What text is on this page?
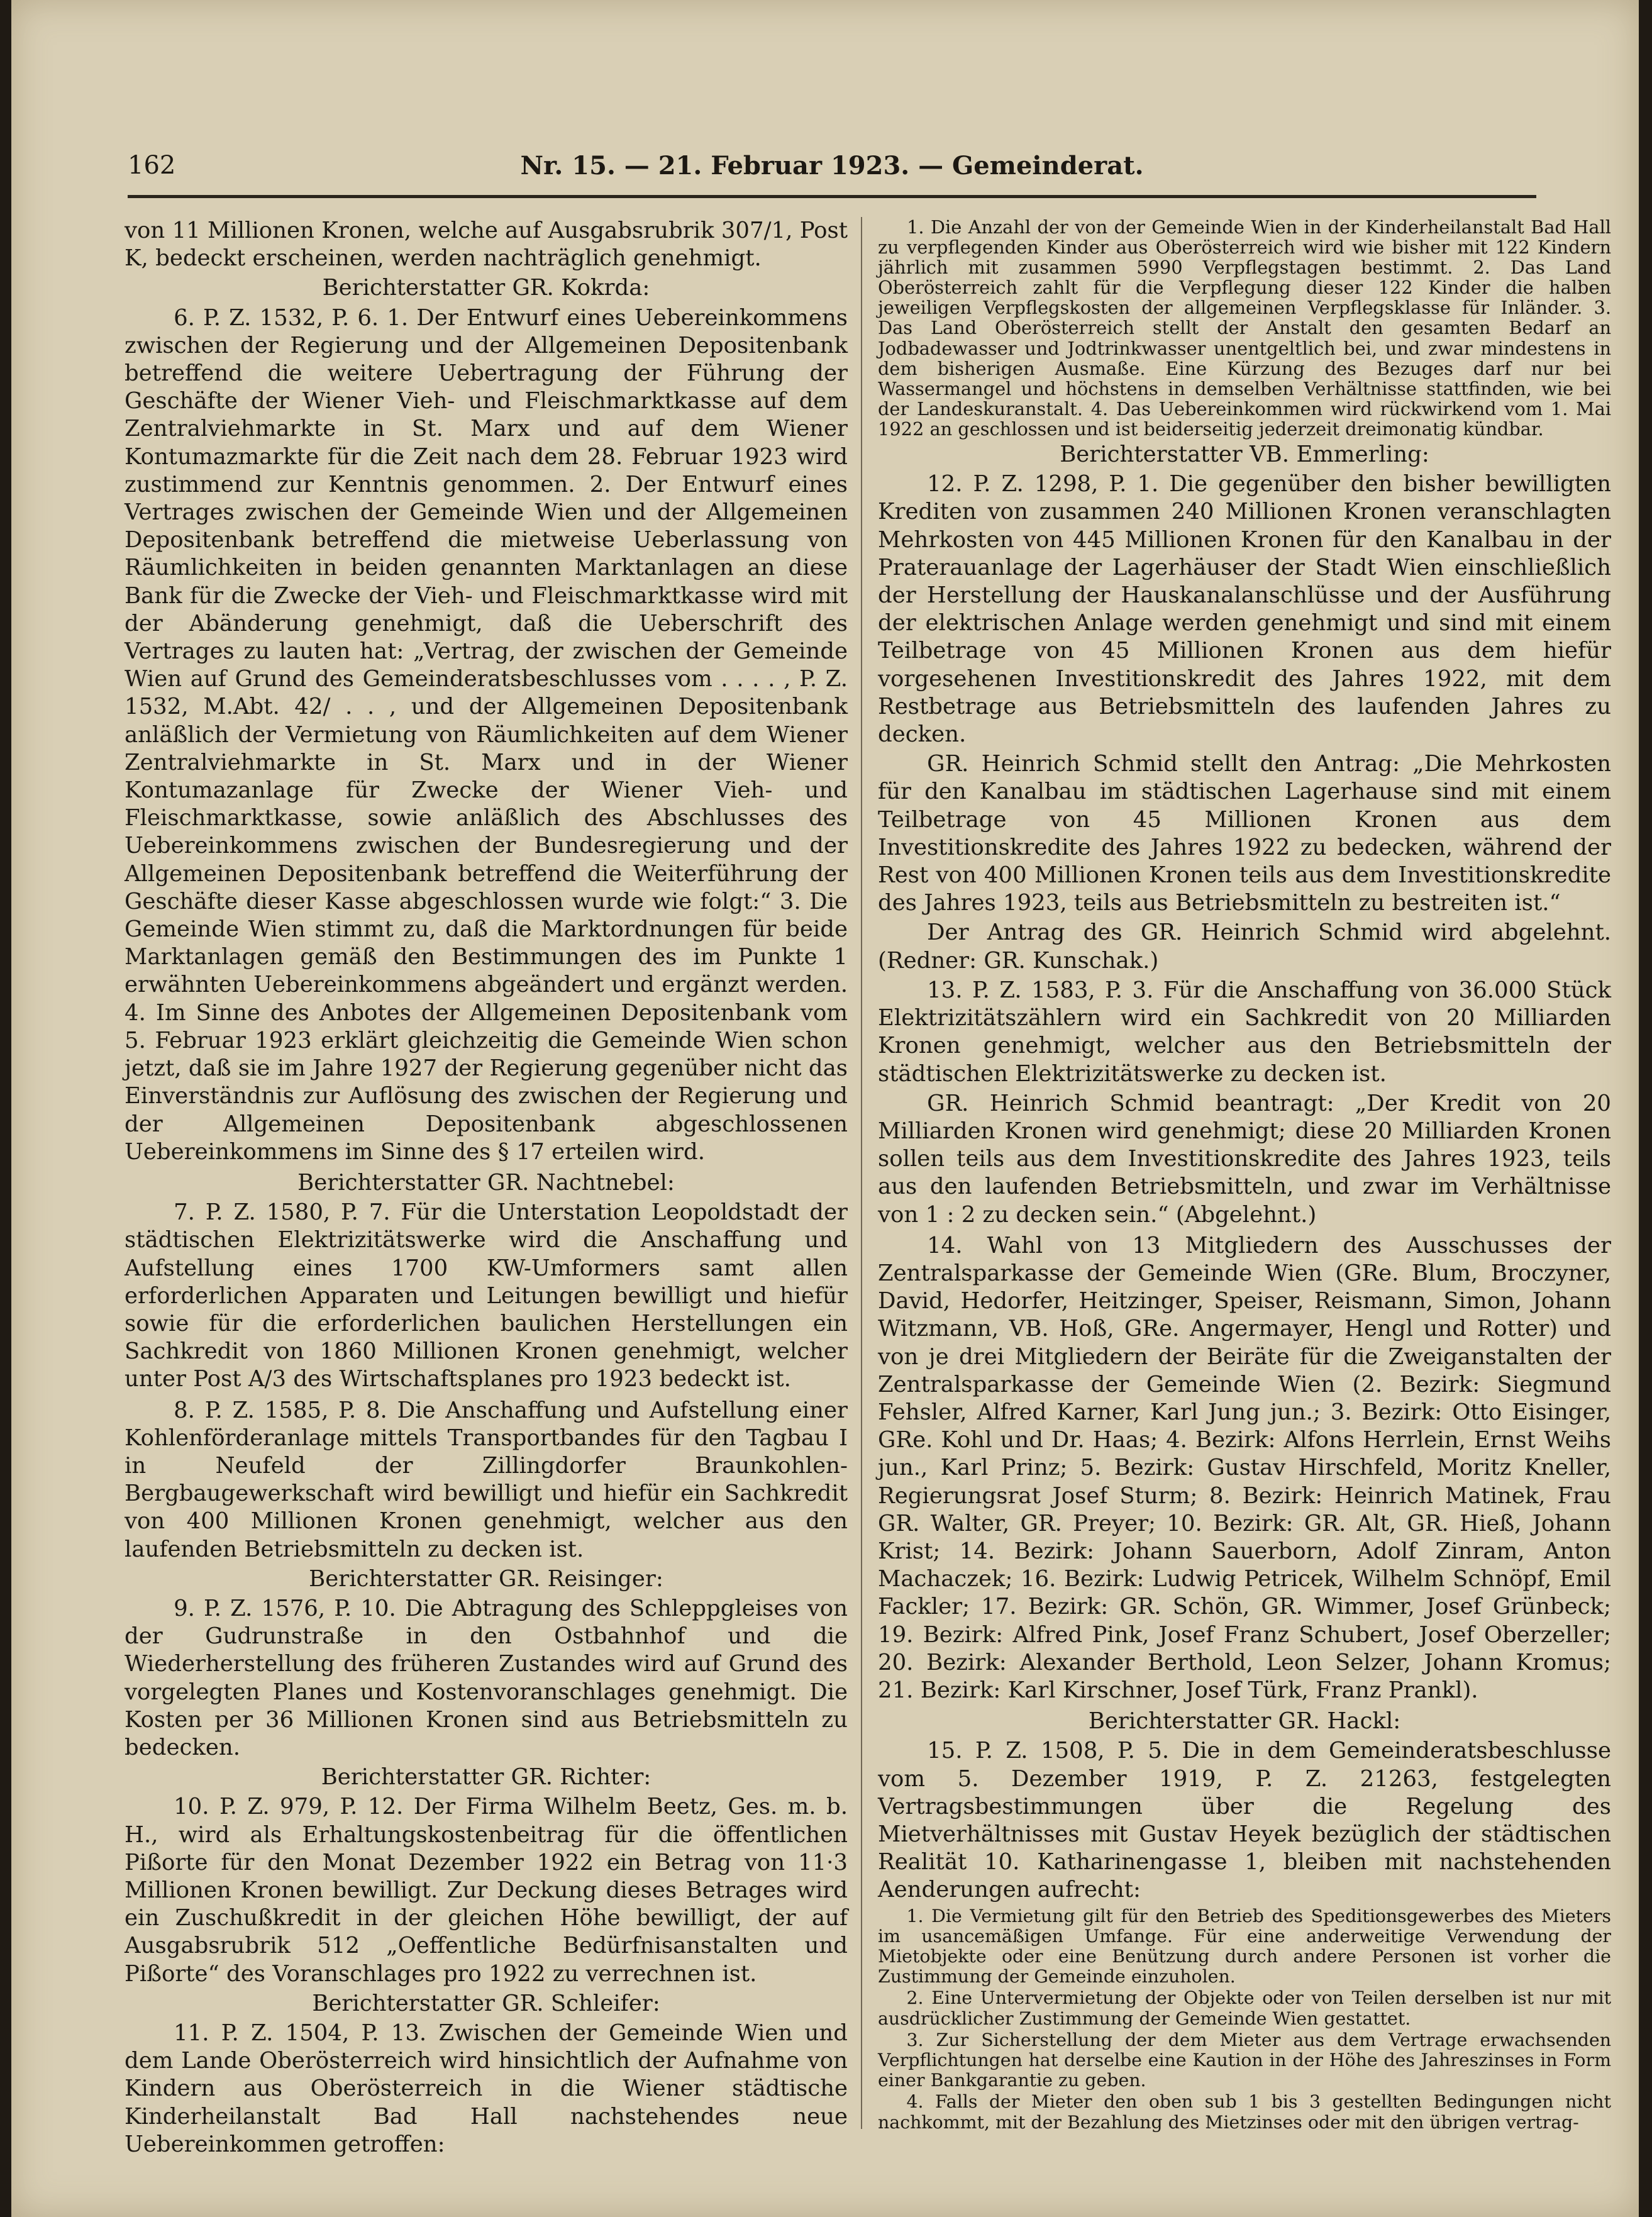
162	Nr. 15. — 21. Februar 1923. — Gemeinderat.

von 11 Millionen Kronen, welche auf Ausgabsrubrik 307/1, Post K, bedeckt erscheinen, werden nachträglich genehmigt.

Berichterstatter GR. Kokrda:

6. P. Z. 1532, P. 6. 1. Der Entwurf eines Uebereinkommens zwischen der Regierung und der Allgemeinen Depositenbank betreffend die weitere Uebertragung der Führung der Geschäfte der Wiener Vieh- und Fleischmarktkasse auf dem Zentralviehmarkte in St. Marx und auf dem Wiener Kontumazmarkte für die Zeit nach dem 28. Februar 1923 wird zustimmend zur Kenntnis genommen. 2. Der Entwurf eines Vertrages zwischen der Gemeinde Wien und der Allgemeinen Depositenbank betreffend die mietweise Ueberlassung von Räumlichkeiten in beiden genannten Marktanlagen an diese Bank für die Zwecke der Vieh- und Fleischmarktkasse wird mit der Abänderung genehmigt, daß die Ueberschrift des Vertrages zu lauten hat: „Vertrag, der zwischen der Gemeinde Wien auf Grund des Gemeinderatsbeschlusses vom . . . . , P. Z. 1532, M.Abt. 42/ . . , und der Allgemeinen Depositenbank anläßlich der Vermietung von Räumlichkeiten auf dem Wiener Zentralviehmarkte in St. Marx und in der Wiener Kontumazanlage für Zwecke der Wiener Vieh- und Fleischmarktkasse, sowie anläßlich des Abschlusses des Uebereinkommens zwischen der Bundesregierung und der Allgemeinen Depositenbank betreffend die Weiterführung der Geschäfte dieser Kasse abgeschlossen wurde wie folgt:“ 3. Die Gemeinde Wien stimmt zu, daß die Marktordnungen für beide Marktanlagen gemäß den Bestimmungen des im Punkte 1 erwähnten Uebereinkommens abgeändert und ergänzt werden. 4. Im Sinne des Anbotes der Allgemeinen Depositenbank vom 5. Februar 1923 erklärt gleichzeitig die Gemeinde Wien schon jetzt, daß sie im Jahre 1927 der Regierung gegenüber nicht das Einverständnis zur Auflösung des zwischen der Regierung und der Allgemeinen Depositenbank abgeschlossenen Uebereinkommens im Sinne des § 17 erteilen wird.

Berichterstatter GR. Nachtnebel:

7. P. Z. 1580, P. 7. Für die Unterstation Leopoldstadt der städtischen Elektrizitätswerke wird die Anschaffung und Aufstellung eines 1700 KW-Umformers samt allen erforderlichen Apparaten und Leitungen bewilligt und hiefür sowie für die erforderlichen baulichen Herstellungen ein Sachkredit von 1860 Millionen Kronen genehmigt, welcher unter Post A/3 des Wirtschaftsplanes pro 1923 bedeckt ist.

8. P. Z. 1585, P. 8. Die Anschaffung und Aufstellung einer Kohlenförderanlage mittels Transportbandes für den Tagbau I in Neufeld der Zillingdorfer Braunkohlen-Bergbaugewerkschaft wird bewilligt und hiefür ein Sachkredit von 400 Millionen Kronen genehmigt, welcher aus den laufenden Betriebsmitteln zu decken ist.

Berichterstatter GR. Reisinger:

9. P. Z. 1576, P. 10. Die Abtragung des Schleppgleises von der Gudrunstraße in den Ostbahnhof und die Wiederherstellung des früheren Zustandes wird auf Grund des vorgelegten Planes und Kostenvoranschlages genehmigt. Die Kosten per 36 Millionen Kronen sind aus Betriebsmitteln zu bedecken.

Berichterstatter GR. Richter:

10. P. Z. 979, P. 12. Der Firma Wilhelm Beetz, Ges. m. b. H., wird als Erhaltungskostenbeitrag für die öffentlichen Pißorte für den Monat Dezember 1922 ein Betrag von 11·3 Millionen Kronen bewilligt. Zur Deckung dieses Betrages wird ein Zuschußkredit in der gleichen Höhe bewilligt, der auf Ausgabsrubrik 512 „Oeffentliche Bedürfnisanstalten und Pißorte“ des Voranschlages pro 1922 zu verrechnen ist.

Berichterstatter GR. Schleifer:

11. P. Z. 1504, P. 13. Zwischen der Gemeinde Wien und dem Lande Oberösterreich wird hinsichtlich der Aufnahme von Kindern aus Oberösterreich in die Wiener städtische Kinderheilanstalt Bad Hall nachstehendes neue Uebereinkommen getroffen:

1. Die Anzahl der von der Gemeinde Wien in der Kinderheilanstalt Bad Hall zu verpflegenden Kinder aus Oberösterreich wird wie bisher mit 122 Kindern jährlich mit zusammen 5990 Verpflegstagen bestimmt. 2. Das Land Oberösterreich zahlt für die Verpflegung dieser 122 Kinder die halben jeweiligen Verpflegskosten der allgemeinen Verpflegsklasse für Inländer. 3. Das Land Oberösterreich stellt der Anstalt den gesamten Bedarf an Jodbadewasser und Jodtrinkwasser unentgeltlich bei, und zwar mindestens in dem bisherigen Ausmaße. Eine Kürzung des Bezuges darf nur bei Wassermangel und höchstens in demselben Verhältnisse stattfinden, wie bei der Landeskuranstalt. 4. Das Uebereinkommen wird rückwirkend vom 1. Mai 1922 an geschlossen und ist beiderseitig jederzeit dreimonatig kündbar.

Berichterstatter VB. Emmerling:

12. P. Z. 1298, P. 1. Die gegenüber den bisher bewilligten Krediten von zusammen 240 Millionen Kronen veranschlagten Mehrkosten von 445 Millionen Kronen für den Kanalbau in der Praterauanlage der Lagerhäuser der Stadt Wien einschließlich der Herstellung der Hauskanalanschlüsse und der Ausführung der elektrischen Anlage werden genehmigt und sind mit einem Teilbetrage von 45 Millionen Kronen aus dem hiefür vorgesehenen Investitionskredit des Jahres 1922, mit dem Restbetrage aus Betriebsmitteln des laufenden Jahres zu decken.

GR. Heinrich Schmid stellt den Antrag: „Die Mehrkosten für den Kanalbau im städtischen Lagerhause sind mit einem Teilbetrage von 45 Millionen Kronen aus dem Investitionskredite des Jahres 1922 zu bedecken, während der Rest von 400 Millionen Kronen teils aus dem Investitionskredite des Jahres 1923, teils aus Betriebsmitteln zu bestreiten ist.“

Der Antrag des GR. Heinrich Schmid wird abgelehnt. (Redner: GR. Kunschak.)

13. P. Z. 1583, P. 3. Für die Anschaffung von 36.000 Stück Elektrizitätszählern wird ein Sachkredit von 20 Milliarden Kronen genehmigt, welcher aus den Betriebsmitteln der städtischen Elektrizitätswerke zu decken ist.

GR. Heinrich Schmid beantragt: „Der Kredit von 20 Milliarden Kronen wird genehmigt; diese 20 Milliarden Kronen sollen teils aus dem Investitionskredite des Jahres 1923, teils aus den laufenden Betriebsmitteln, und zwar im Verhältnisse von 1 : 2 zu decken sein.“ (Abgelehnt.)

14. Wahl von 13 Mitgliedern des Ausschusses der Zentralsparkasse der Gemeinde Wien (GRe. Blum, Broczyner, David, Hedorfer, Heitzinger, Speiser, Reismann, Simon, Johann Witzmann, VB. Hoß, GRe. Angermayer, Hengl und Rotter) und von je drei Mitgliedern der Beiräte für die Zweiganstalten der Zentralsparkasse der Gemeinde Wien (2. Bezirk: Siegmund Fehsler, Alfred Karner, Karl Jung jun.; 3. Bezirk: Otto Eisinger, GRe. Kohl und Dr. Haas; 4. Bezirk: Alfons Herrlein, Ernst Weihs jun., Karl Prinz; 5. Bezirk: Gustav Hirschfeld, Moritz Kneller, Regierungsrat Josef Sturm; 8. Bezirk: Heinrich Matinek, Frau GR. Walter, GR. Preyer; 10. Bezirk: GR. Alt, GR. Hieß, Johann Krist; 14. Bezirk: Johann Sauerborn, Adolf Zinram, Anton Machaczek; 16. Bezirk: Ludwig Petricek, Wilhelm Schnöpf, Emil Fackler; 17. Bezirk: GR. Schön, GR. Wimmer, Josef Grünbeck; 19. Bezirk: Alfred Pink, Josef Franz Schubert, Josef Oberzeller; 20. Bezirk: Alexander Berthold, Leon Selzer, Johann Kromus; 21. Bezirk: Karl Kirschner, Josef Türk, Franz Prankl).

Berichterstatter GR. Hackl:

15. P. Z. 1508, P. 5. Die in dem Gemeinderatsbeschlusse vom 5. Dezember 1919, P. Z. 21263, festgelegten Vertragsbestimmungen über die Regelung des Mietverhältnisses mit Gustav Heyek bezüglich der städtischen Realität 10. Katharinengasse 1, bleiben mit nachstehenden Aenderungen aufrecht:

1. Die Vermietung gilt für den Betrieb des Speditionsgewerbes des Mieters im usancemäßigen Umfange. Für eine anderweitige Verwendung der Mietobjekte oder eine Benützung durch andere Personen ist vorher die Zustimmung der Gemeinde einzuholen.

2. Eine Untervermietung der Objekte oder von Teilen derselben ist nur mit ausdrücklicher Zustimmung der Gemeinde Wien gestattet.

3. Zur Sicherstellung der dem Mieter aus dem Vertrage erwachsenden Verpflichtungen hat derselbe eine Kaution in der Höhe des Jahreszinses in Form einer Bankgarantie zu geben.

4. Falls der Mieter den oben sub 1 bis 3 gestellten Bedingungen nicht nachkommt, mit der Bezahlung des Mietzinses oder mit den übrigen vertrag-
